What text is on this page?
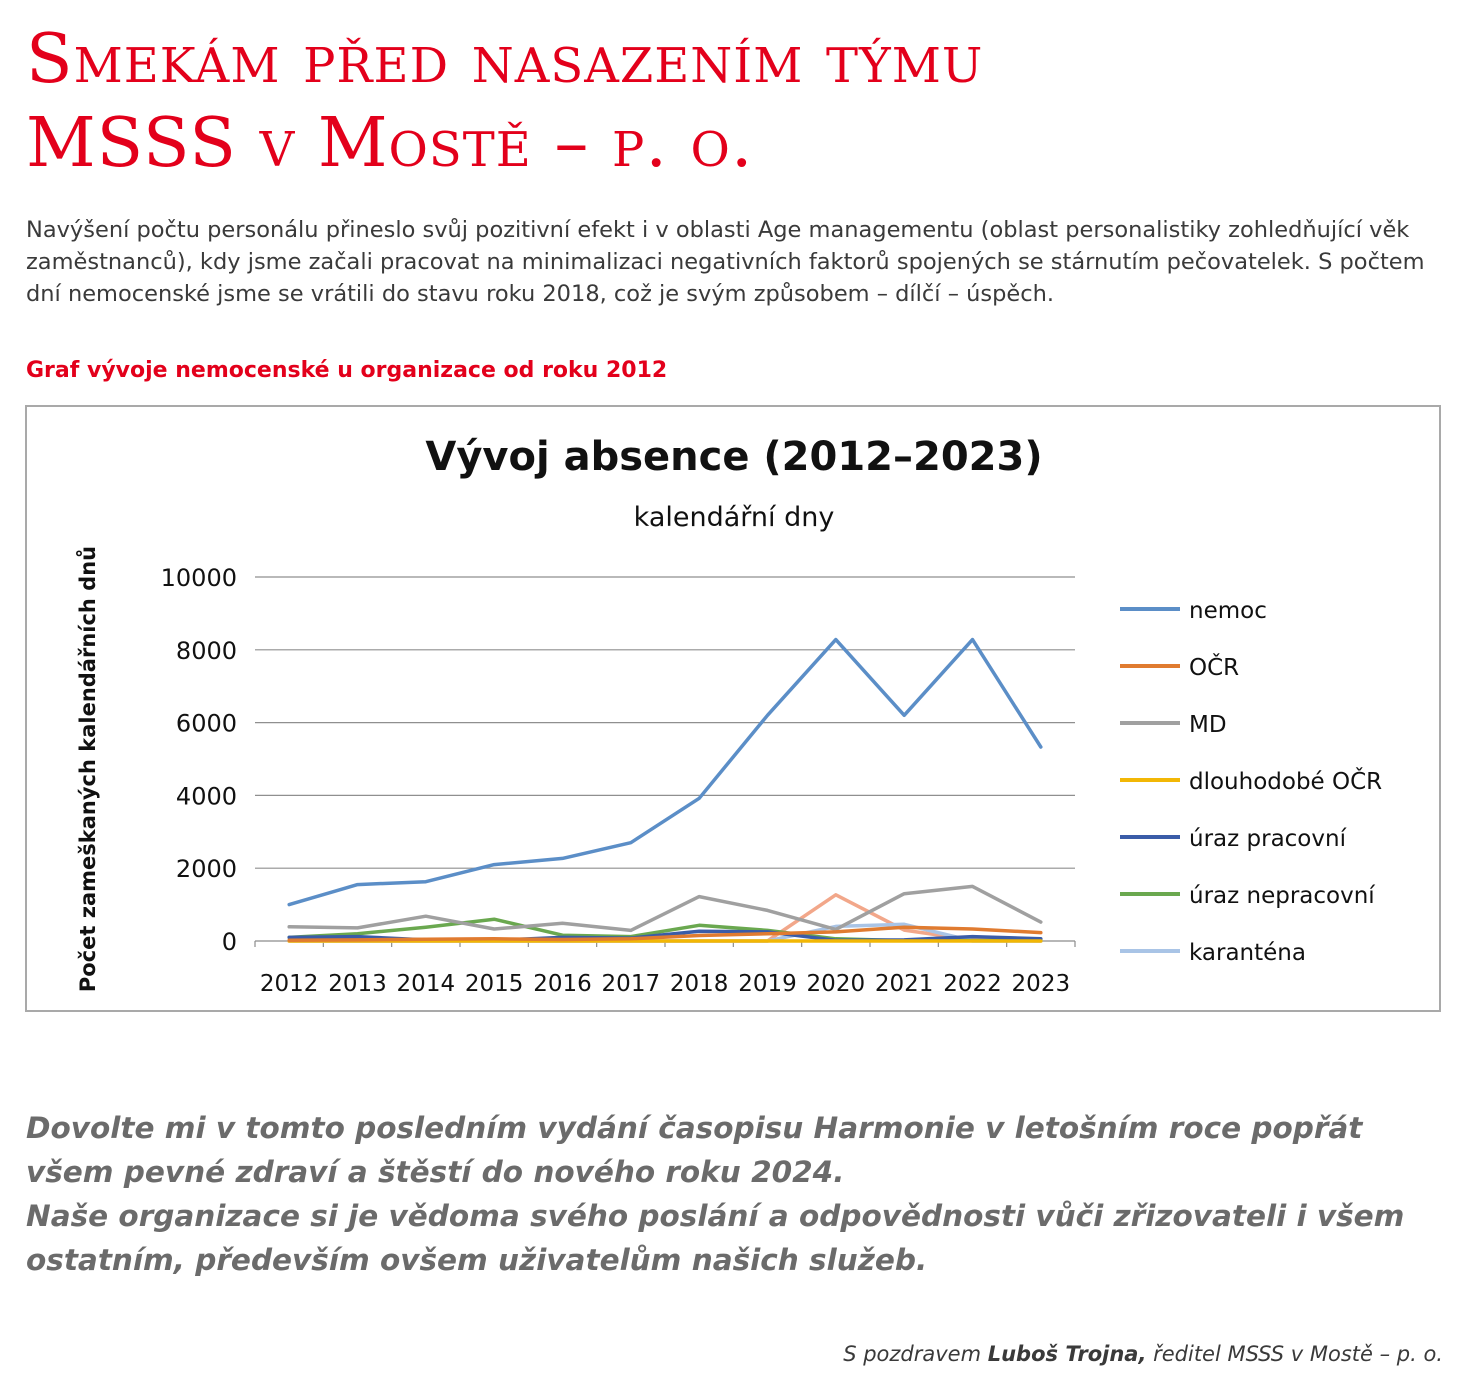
Smekám před nasazením týmu
MSSS v Mostě – p. o.

Navýšení počtu personálu přineslo svůj pozitivní efekt i v oblasti Age managementu (oblast personalistiky zohledňující věk zaměstnanců), kdy jsme začali pracovat na minimalizaci negativních faktorů spojených se stárnutím pečovatelek. S počtem dní nemocenské jsme se vrátili do stavu roku 2018, což je svým způsobem – dílčí – úspěch.

Graf vývoje nemocenské u organizace od roku 2012

Vývoj absence (2012–2023)
kalendářní dny
Počet zameškaných kalendářních dnů	0
2000
4000
6000
8000
10000
2012 2013 2014 2015 2016 2017 2018 2019 2020 2021 2022 2023
nemoc
OČR
MD
dlouhodobé OČR
úraz pracovní
úraz nepracovní
karanténa

Dovolte mi v tomto posledním vydání časopisu Harmonie v letošním roce popřát všem pevné zdraví a štěstí do nového roku 2024.
Naše organizace si je vědoma svého poslání a odpovědnosti vůči zřizovateli i všem ostatním, především ovšem uživatelům našich služeb.

S pozdravem Luboš Trojna, ředitel MSSS v Mostě – p. o.
